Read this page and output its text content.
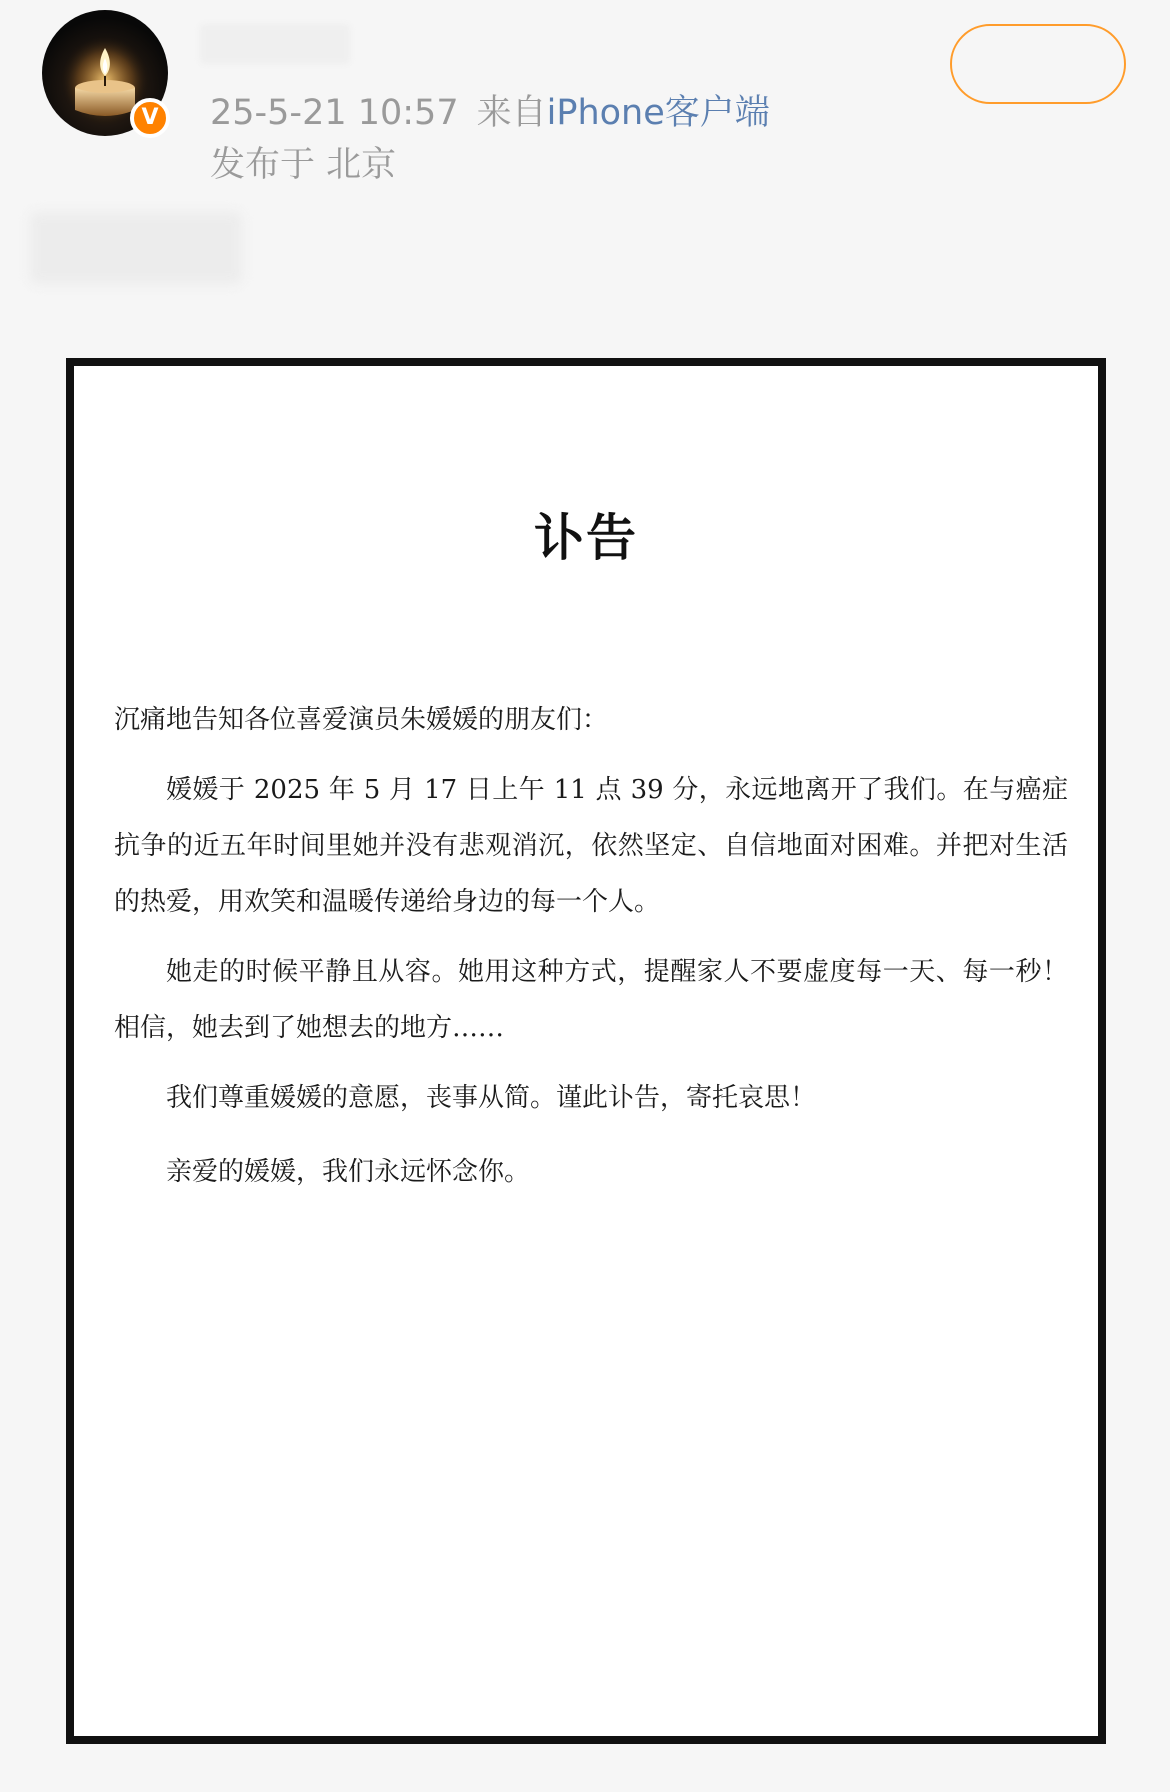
V	25-5-21 10:57 来自iPhone客户端
发布于 北京
讣告

沉痛地告知各位喜爱演员朱媛媛的朋友们：

媛媛于 2025 年 5 月 17 日上午 11 点 39 分，永远地离开了我们。在与癌症抗争的近五年时间里她并没有悲观消沉，依然坚定、自信地面对困难。并把对生活的热爱，用欢笑和温暖传递给身边的每一个人。

她走的时候平静且从容。她用这种方式，提醒家人不要虚度每一天、每一秒！相信，她去到了她想去的地方……

我们尊重媛媛的意愿，丧事从简。谨此讣告，寄托哀思！

亲爱的媛媛，我们永远怀念你。
